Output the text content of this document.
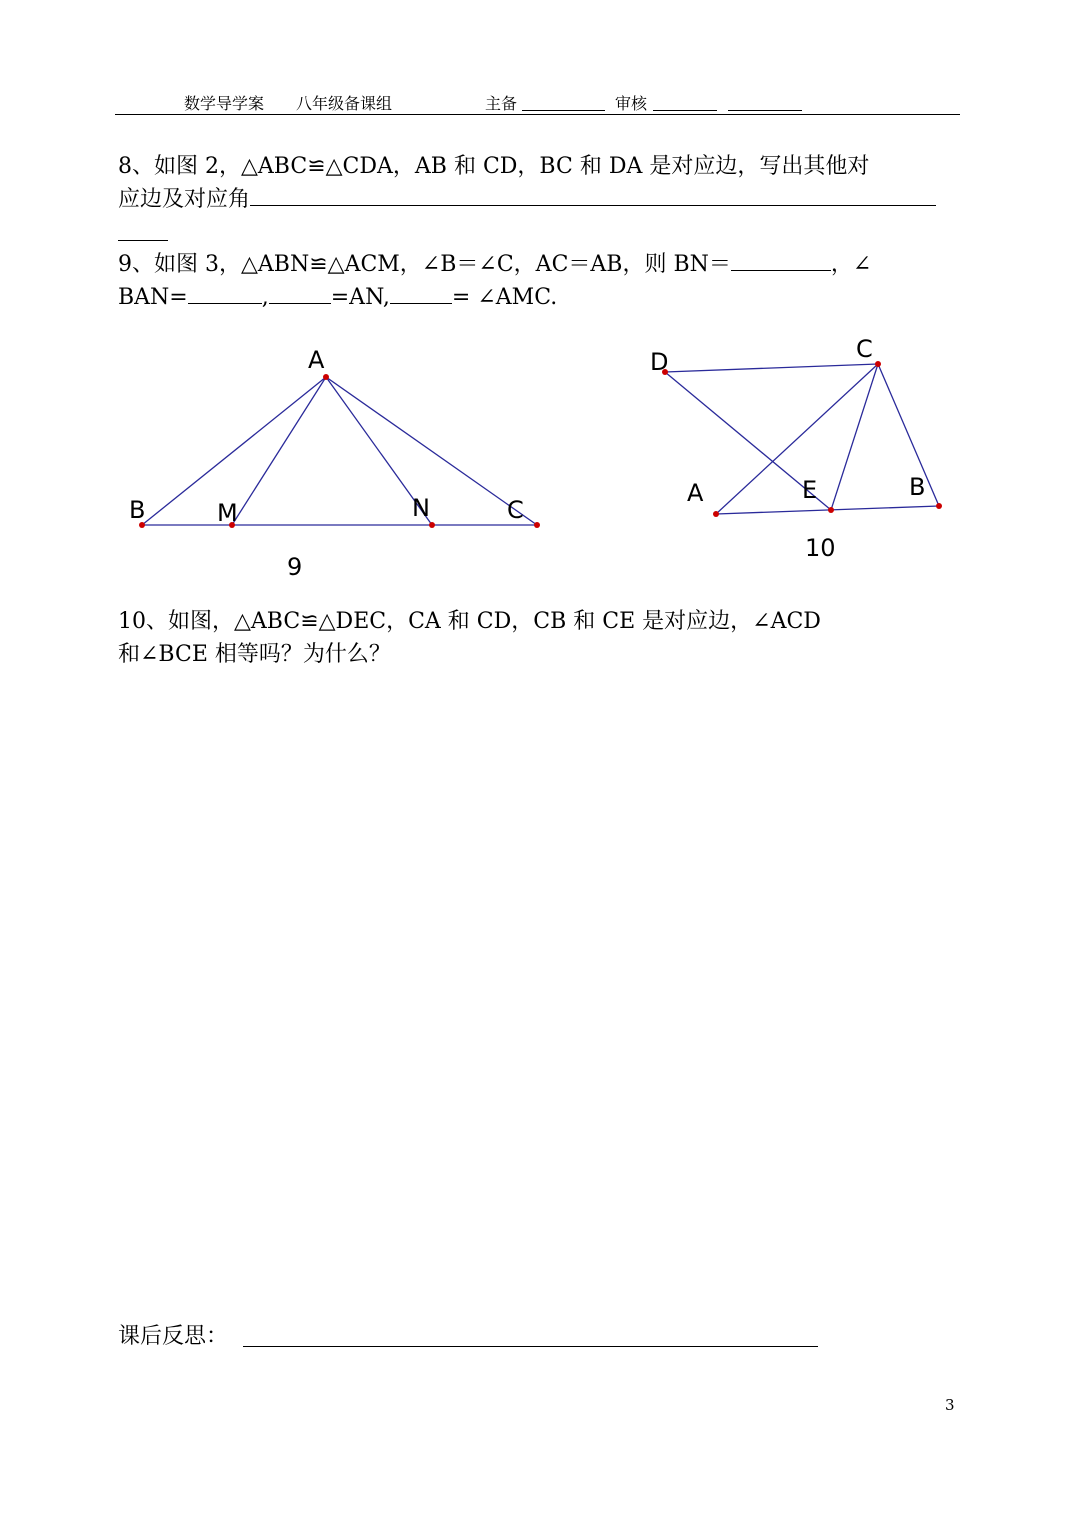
数学导学案 八年级备课组	主备	审核
8、如图 2，△ABC≌△CDA，AB 和 CD，BC 和 DA 是对应边，写出其他对
应边及对应角
9、如图 3，△ABN≌△ACM，∠B＝∠C，AC＝AB，则 BN＝	，∠
BAN=	,	=AN,	= ∠AMC.
A
B	M	N	C
9
D	C
A	E	B
10
10、如图，△ABC≌△DEC，CA 和 CD，CB 和 CE 是对应边，∠ACD
和∠BCE 相等吗？为什么？
课后反思：
3
